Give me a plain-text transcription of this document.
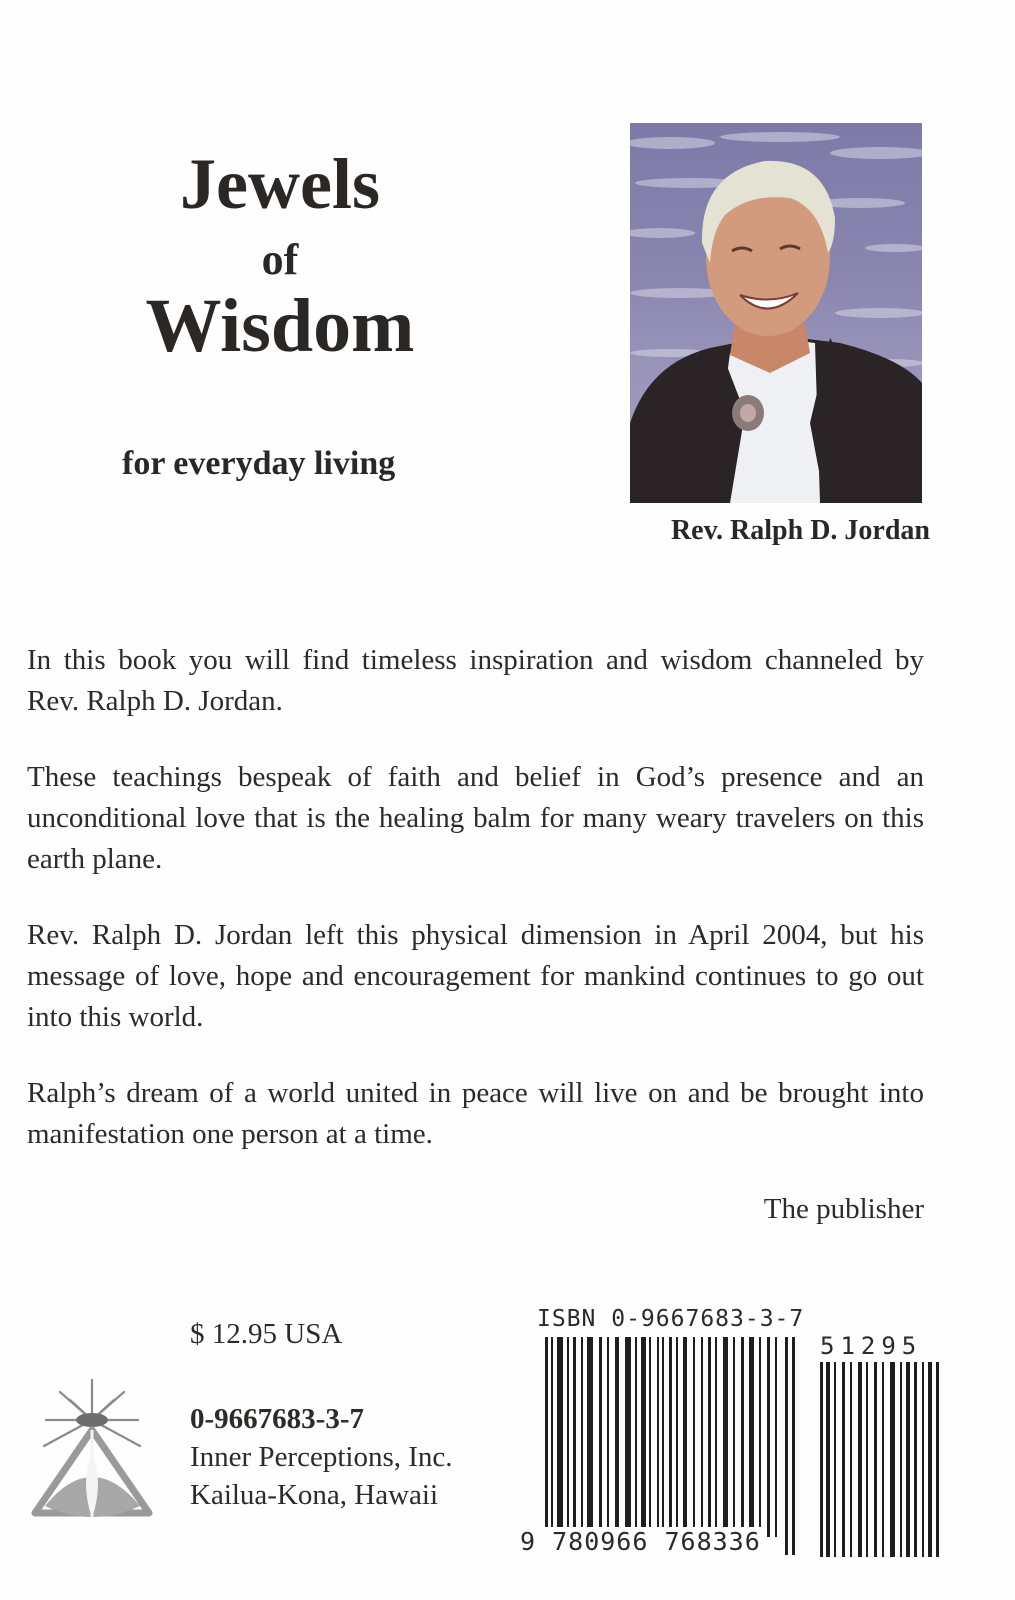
Jewels
of
Wisdom
for everyday living
Rev. Ralph D. Jordan

In this book you will find timeless inspiration and wisdom channeled by Rev. Ralph D. Jordan.

These teachings bespeak of faith and belief in God’s presence and an unconditional love that is the healing balm for many weary travelers on this earth plane.

Rev. Ralph D. Jordan left this physical dimension in April 2004, but his message of love, hope and encouragement for mankind continues to go out into this world.

Ralph’s dream of a world united in peace will live on and be brought into manifestation one person at a time.

The publisher
$ 12.95 USA
0-9667683-3-7
Inner Perceptions, Inc.
Kailua-Kona, Hawaii
ISBN 0-9667683-3-7
9 780966 768336
51295
